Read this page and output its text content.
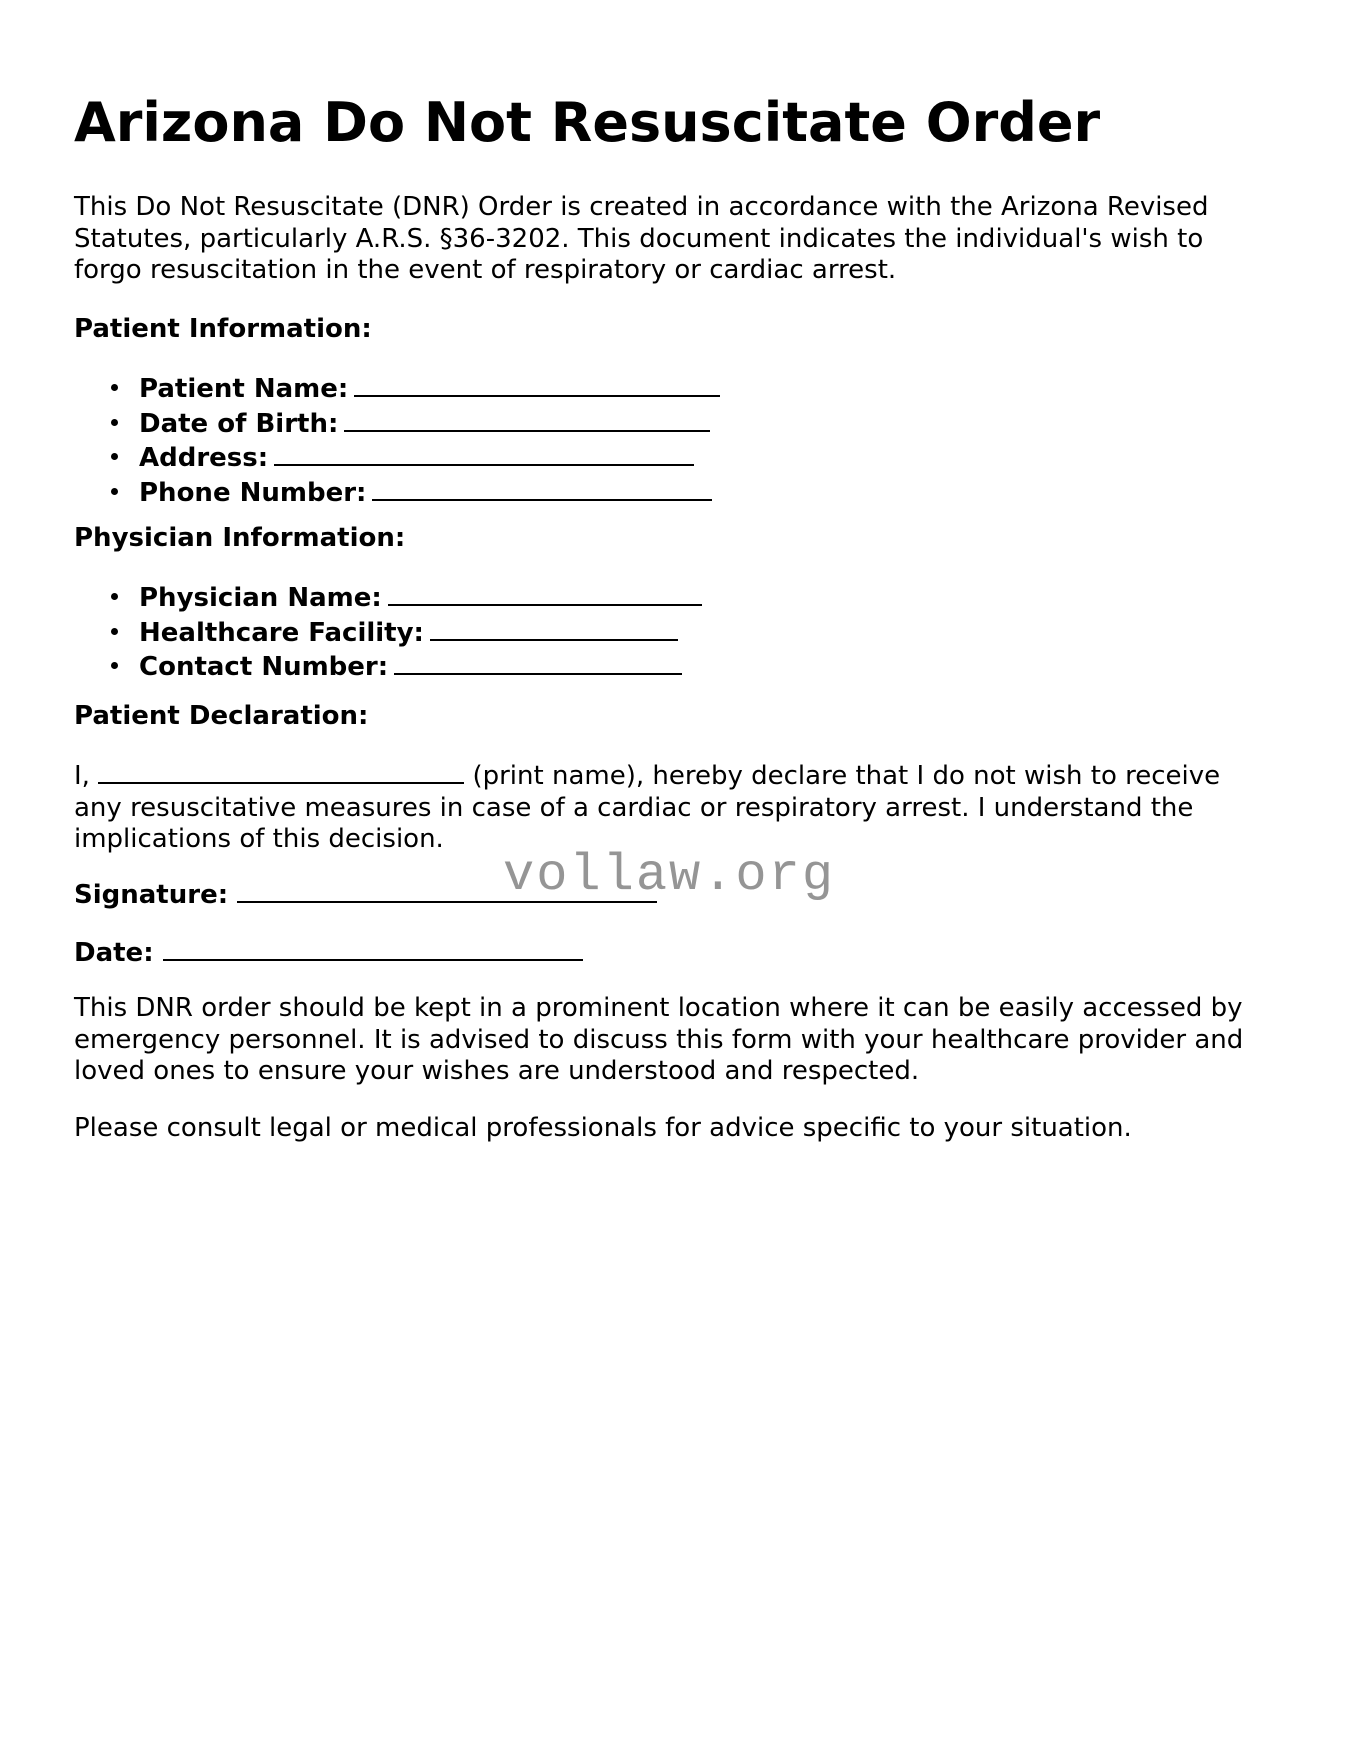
Arizona Do Not Resuscitate Order

This Do Not Resuscitate (DNR) Order is created in accordance with the Arizona Revised Statutes, particularly A.R.S. §36-3202. This document indicates the individual's wish to forgo resuscitation in the event of respiratory or cardiac arrest.

Patient Information:

Patient Name:
Date of Birth:
Address:
Phone Number:

Physician Information:

Physician Name:
Healthcare Facility:
Contact Number:

Patient Declaration:

I,	(print name), hereby declare that I do not wish to receive any resuscitative measures in case of a cardiac or respiratory arrest. I understand the implications of this decision.

Signature:

Date:

This DNR order should be kept in a prominent location where it can be easily accessed by emergency personnel. It is advised to discuss this form with your healthcare provider and loved ones to ensure your wishes are understood and respected.

Please consult legal or medical professionals for advice specific to your situation.

vollaw.org
